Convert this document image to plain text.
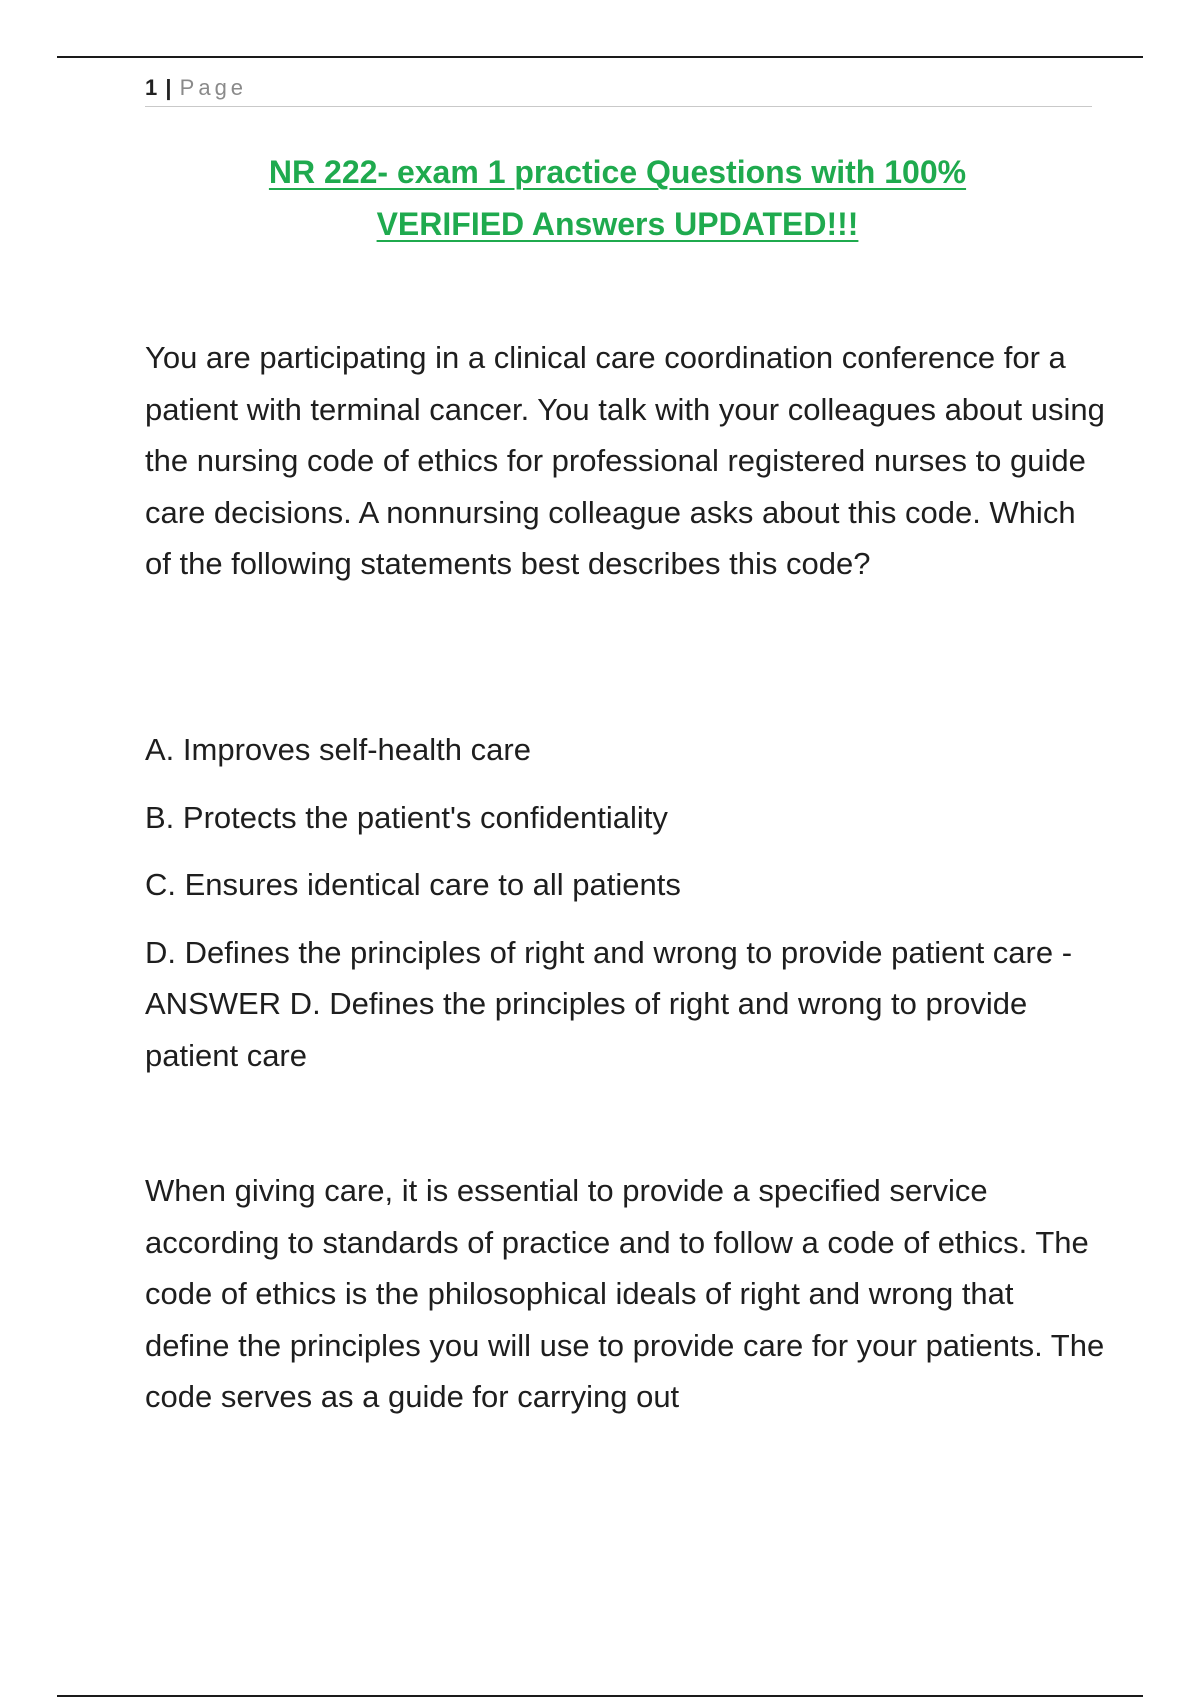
1 | Page
NR 222- exam 1 practice Questions with 100%
VERIFIED Answers UPDATED!!!

You are participating in a clinical care coordination conference for a patient with terminal cancer. You talk with your colleagues about using the nursing code of ethics for professional registered nurses to guide care decisions. A nonnursing colleague asks about this code. Which of the following statements best describes this code?

A. Improves self-health care
B. Protects the patient's confidentiality
C. Ensures identical care to all patients
D. Defines the principles of right and wrong to provide patient care - ANSWER D. Defines the principles of right and wrong to provide patient care

When giving care, it is essential to provide a specified service according to standards of practice and to follow a code of ethics. The code of ethics is the philosophical ideals of right and wrong that define the principles you will use to provide care for your patients. The code serves as a guide for carrying out
